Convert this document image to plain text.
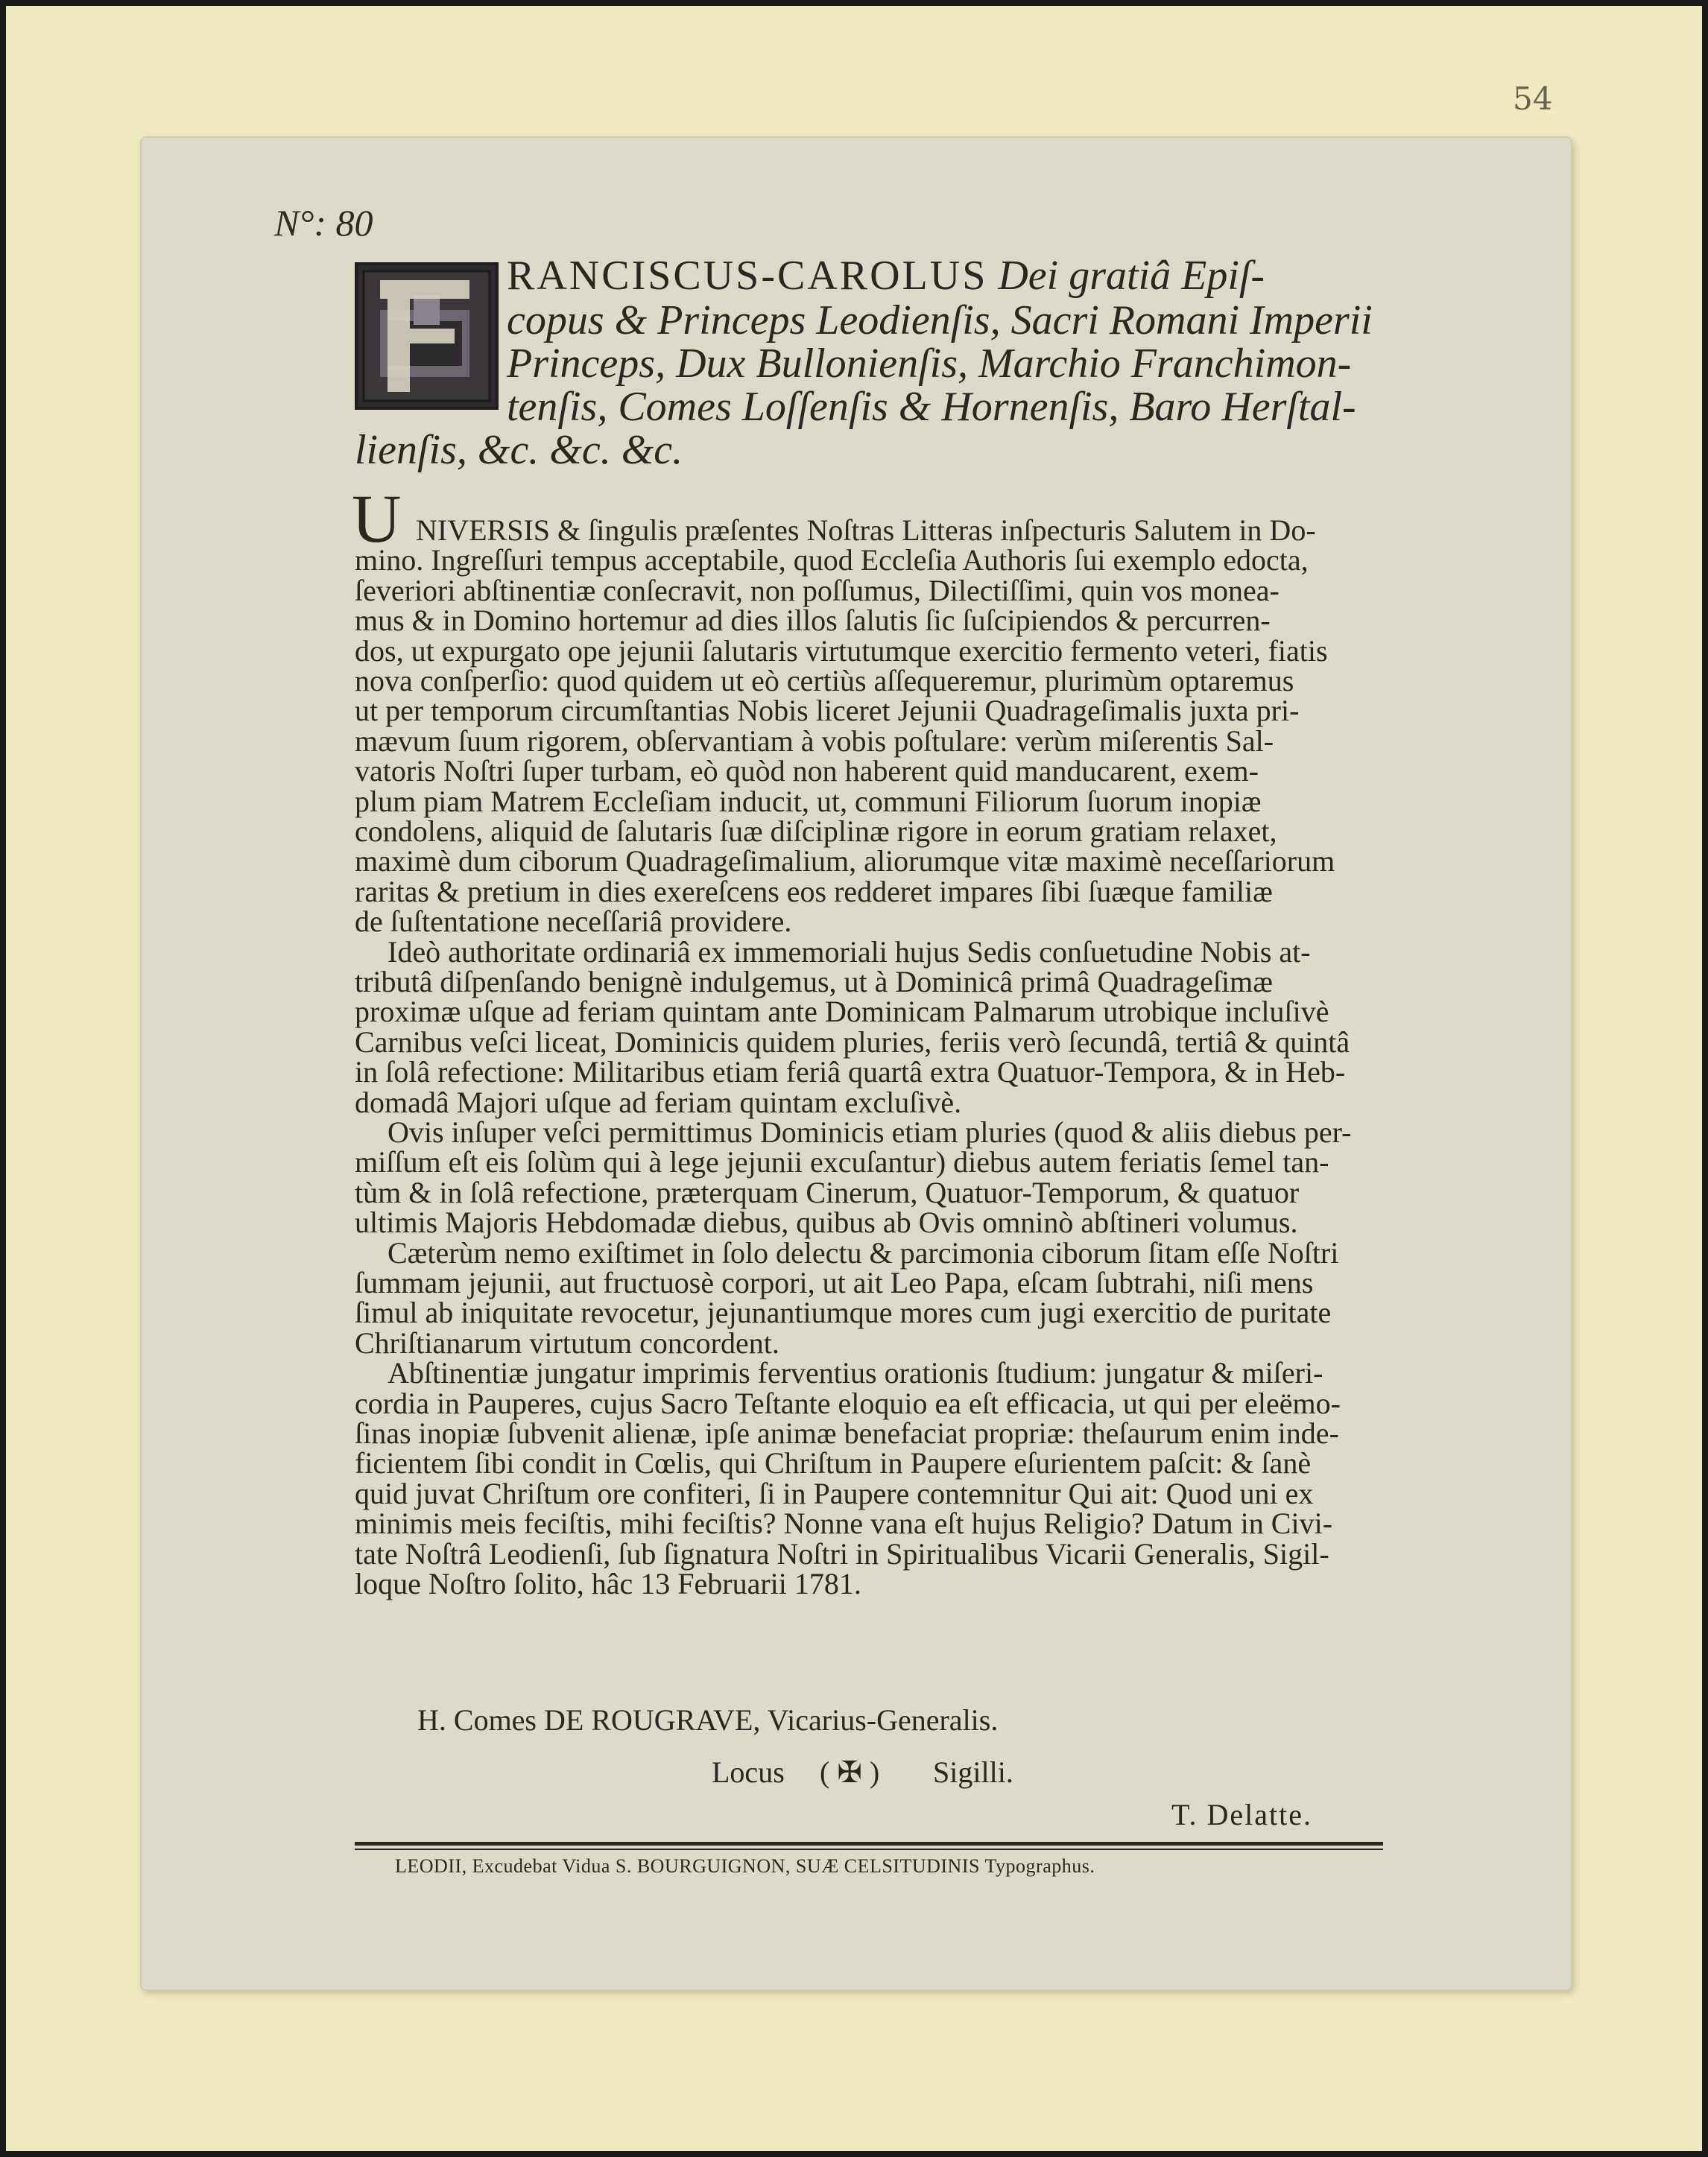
54
N°: 80
RANCISCUS-CAROLUS Dei gratiâ Epiſ-
copus & Princeps Leodienſis, Sacri Romani Imperii
Princeps, Dux Bullonienſis, Marchio Franchimon-
tenſis, Comes Loſſenſis & Hornenſis, Baro Herſtal-
lienſis, &c. &c. &c.
U NIVERSIS & ſingulis præſentes Noſtras Litteras inſpecturis Salutem in Do-
mino. Ingreſſuri tempus acceptabile, quod Eccleſia Authoris ſui exemplo edocta,
ſeveriori abſtinentiæ conſecravit, non poſſumus, Dilectiſſimi, quin vos monea-
mus & in Domino hortemur ad dies illos ſalutis ſic ſuſcipiendos & percurren-
dos, ut expurgato ope jejunii ſalutaris virtutumque exercitio fermento veteri, fiatis
nova conſperſio: quod quidem ut eò certiùs aſſequeremur, plurimùm optaremus
ut per temporum circumſtantias Nobis liceret Jejunii Quadrageſimalis juxta pri-
mævum ſuum rigorem, obſervantiam à vobis poſtulare: verùm miſerentis Sal-
vatoris Noſtri ſuper turbam, eò quòd non haberent quid manducarent, exem-
plum piam Matrem Eccleſiam inducit, ut, communi Filiorum ſuorum inopiæ
condolens, aliquid de ſalutaris ſuæ diſciplinæ rigore in eorum gratiam relaxet,
maximè dum ciborum Quadrageſimalium, aliorumque vitæ maximè neceſſariorum
raritas & pretium in dies exereſcens eos redderet impares ſibi ſuæque familiæ
de ſuſtentatione neceſſariâ providere.
Ideò authoritate ordinariâ ex immemoriali hujus Sedis conſuetudine Nobis at-
tributâ diſpenſando benignè indulgemus, ut à Dominicâ primâ Quadrageſimæ
proximæ uſque ad feriam quintam ante Dominicam Palmarum utrobique incluſivè
Carnibus veſci liceat, Dominicis quidem pluries, feriis verò ſecundâ, tertiâ & quintâ
in ſolâ refectione: Militaribus etiam feriâ quartâ extra Quatuor-Tempora, & in Heb-
domadâ Majori uſque ad feriam quintam excluſivè.
Ovis inſuper veſci permittimus Dominicis etiam pluries (quod & aliis diebus per-
miſſum eſt eis ſolùm qui à lege jejunii excuſantur) diebus autem feriatis ſemel tan-
tùm & in ſolâ refectione, præterquam Cinerum, Quatuor-Temporum, & quatuor
ultimis Majoris Hebdomadæ diebus, quibus ab Ovis omninò abſtineri volumus.
Cæterùm nemo exiſtimet in ſolo delectu & parcimonia ciborum ſitam eſſe Noſtri
ſummam jejunii, aut fructuosè corpori, ut ait Leo Papa, eſcam ſubtrahi, niſi mens
ſimul ab iniquitate revocetur, jejunantiumque mores cum jugi exercitio de puritate
Chriſtianarum virtutum concordent.
Abſtinentiæ jungatur imprimis ferventius orationis ſtudium: jungatur & miſeri-
cordia in Pauperes, cujus Sacro Teſtante eloquio ea eſt efficacia, ut qui per eleëmo-
ſinas inopiæ ſubvenit alienæ, ipſe animæ benefaciat propriæ: theſaurum enim inde-
ficientem ſibi condit in Cœlis, qui Chriſtum in Paupere eſurientem paſcit: & ſanè
quid juvat Chriſtum ore confiteri, ſi in Paupere contemnitur Qui ait: Quod uni ex
minimis meis feciſtis, mihi feciſtis? Nonne vana eſt hujus Religio? Datum in Civi-
tate Noſtrâ Leodienſi, ſub ſignatura Noſtri in Spiritualibus Vicarii Generalis, Sigil-
loque Noſtro ſolito, hâc 13 Februarii 1781.
H. Comes DE ROUGRAVE, Vicarius-Generalis.
Locus ( ✠ ) Sigilli.
T. Delatte.
LEODII, Excudebat Vidua S. BOURGUIGNON, SUÆ CELSITUDINIS Typographus.
